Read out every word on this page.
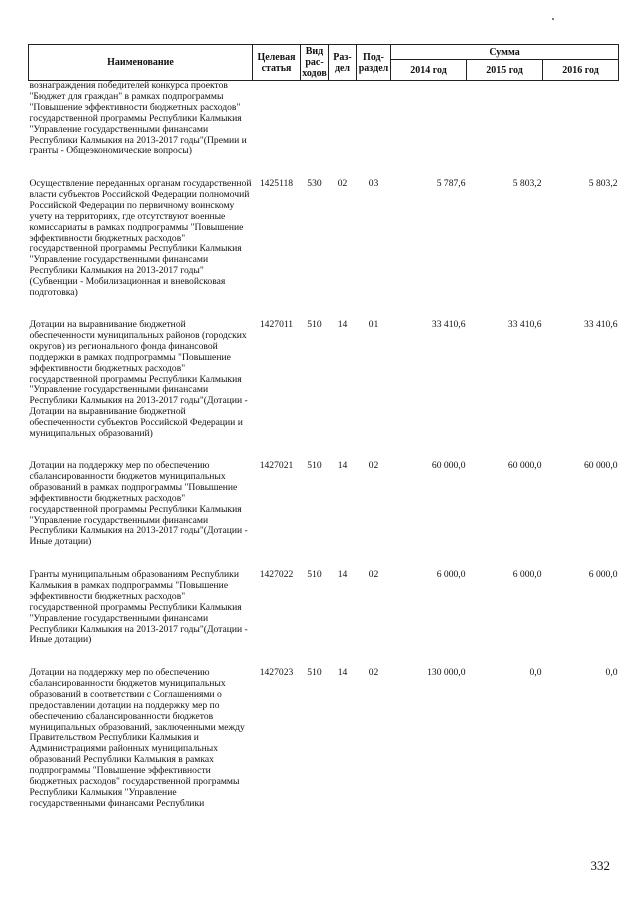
Наименование	Целевая статья	Вид рас-ходов	Раз-дел	Под-раздел	Сумма		
					2014 год	2015 год	2016 год
вознаграждения победителей конкурса проектов "Бюджет для граждан" в рамках подпрограммы "Повышение эффективности бюджетных расходов" государственной программы Республики Калмыкия "Управление государственными финансами Республики Калмыкия на 2013-2017 годы"(Премии и гранты - Общеэкономические вопросы)							
Осуществление переданных органам государственной власти субъектов Российской Федерации полномочий Российской Федерации по первичному воинскому учету на территориях, где отсутствуют военные комиссариаты в рамках подпрограммы "Повышение эффективности бюджетных расходов" государственной программы Республики Калмыкия "Управление государственными финансами Республики Калмыкия на 2013-2017 годы"(Субвенции - Мобилизационная и вневойсковая подготовка)	1425118	530	02	03	5 787,6	5 803,2	5 803,2
Дотации на выравнивание бюджетной обеспеченности муниципальных районов (городских округов) из регионального фонда финансовой поддержки в рамках подпрограммы "Повышение эффективности бюджетных расходов" государственной программы Республики Калмыкия "Управление государственными финансами Республики Калмыкия на 2013-2017 годы"(Дотации - Дотации на выравнивание бюджетной обеспеченности субъектов Российской Федерации и муниципальных образований)	1427011	510	14	01	33 410,6	33 410,6	33 410,6
Дотации на поддержку мер по обеспечению сбалансированности бюджетов муниципальных образований в рамках подпрограммы "Повышение эффективности бюджетных расходов" государственной программы Республики Калмыкия "Управление государственными финансами Республики Калмыкия на 2013-2017 годы"(Дотации - Иные дотации)	1427021	510	14	02	60 000,0	60 000,0	60 000,0
Гранты муниципальным образованиям Республики Калмыкия в рамках подпрограммы "Повышение эффективности бюджетных расходов" государственной программы Республики Калмыкия "Управление государственными финансами Республики Калмыкия на 2013-2017 годы"(Дотации - Иные дотации)	1427022	510	14	02	6 000,0	6 000,0	6 000,0
Дотации на поддержку мер по обеспечению сбалансированности бюджетов муниципальных образований в соответствии с Соглашениями о предоставлении дотации на поддержку мер по обеспечению сбалансированности бюджетов муниципальных образований, заключенными между Правительством Республики Калмыкия и Администрациями районных муниципальных образований Республики Калмыкия в рамках подпрограммы "Повышение эффективности бюджетных расходов" государственной программы Республики Калмыкия "Управление государственными финансами Республики	1427023	510	14	02	130 000,0	0,0	0,0
332
